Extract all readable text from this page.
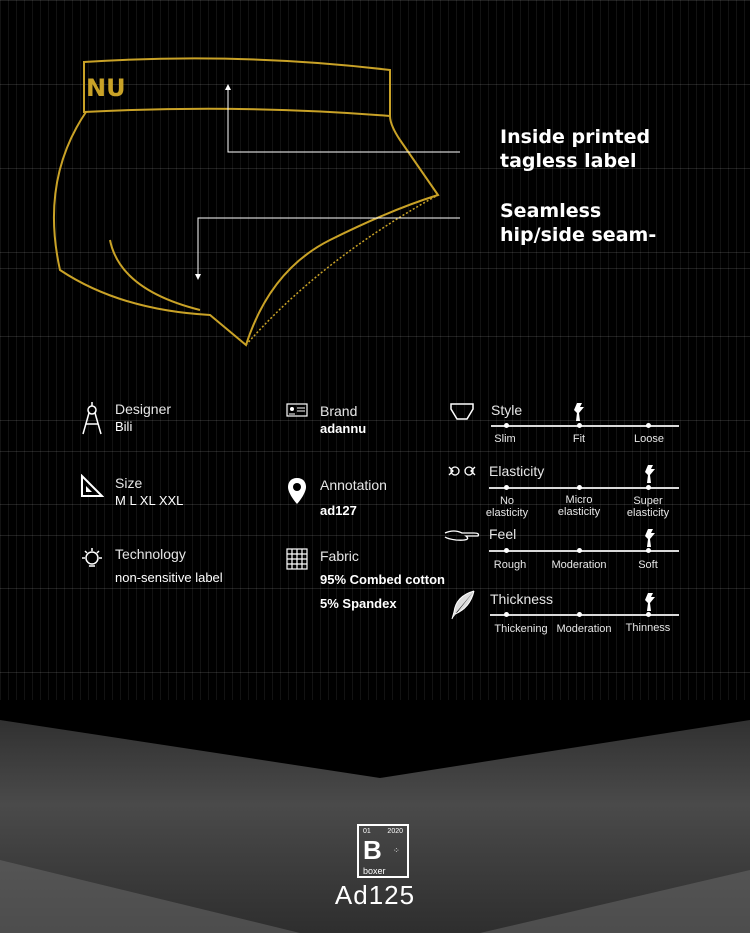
NU
Inside printed
tagless label
Seamless
hip/side seam-
Designer
Bili
Size
M L XL XXL
Technology
non-sensitive label
Brand
adannu
Annotation
ad127
Fabric
95% Combed cotton
5% Spandex
Style
Slim	Fit	Loose
Elasticity
No
elasticity
Micro
elasticity
Super
elasticity
Feel
Rough	Moderation	Soft
Thickness
Thickening Moderation	Thinness
01 2020
B ⁘
boxer
Ad125
